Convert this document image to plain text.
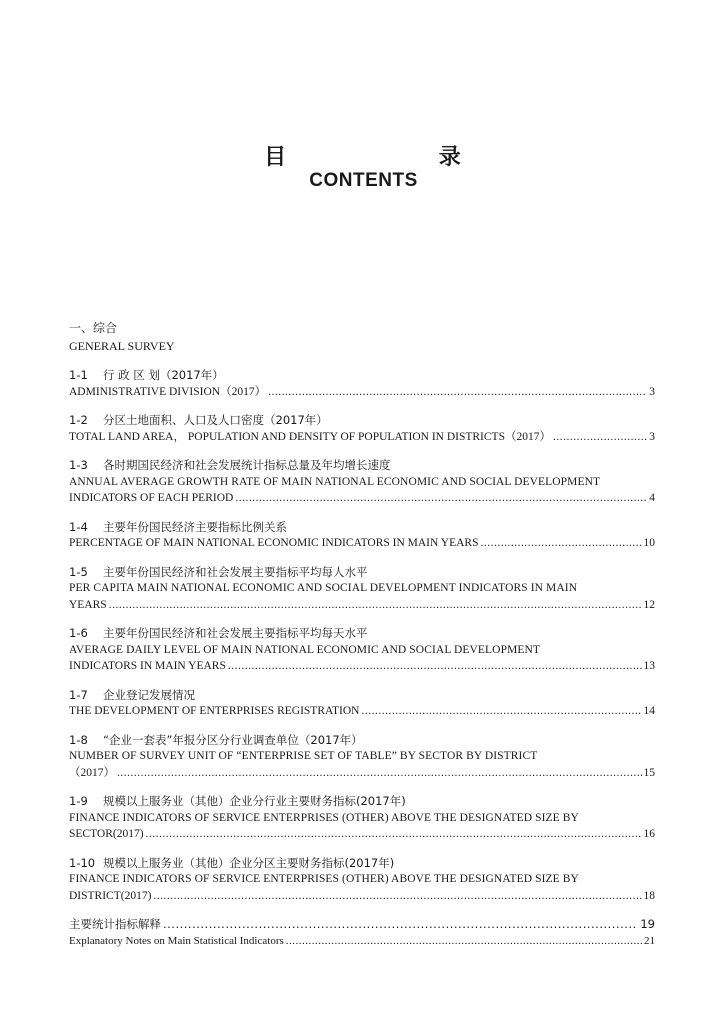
目    录
CONTENTS
一、综合
GENERAL SURVEY
1-1 行 政 区 划（2017年）
ADMINISTRATIVE DIVISION（2017） .....	3
1-2 分区土地面积、人口及人口密度（2017年）
TOTAL LAND AREA， POPULATION AND DENSITY OF POPULATION IN DISTRICTS（2017） .....	3
1-3 各时期国民经济和社会发展统计指标总量及年均增长速度
ANNUAL AVERAGE GROWTH RATE OF MAIN NATIONAL ECONOMIC AND SOCIAL DEVELOPMENT
INDICATORS OF EACH PERIOD .....	4
1-4 主要年份国民经济主要指标比例关系
PERCENTAGE OF MAIN NATIONAL ECONOMIC INDICATORS IN MAIN YEARS .....	10
1-5 主要年份国民经济和社会发展主要指标平均每人水平
PER CAPITA MAIN NATIONAL ECONOMIC AND SOCIAL DEVELOPMENT INDICATORS IN MAIN
YEARS .....	12
1-6 主要年份国民经济和社会发展主要指标平均每天水平
AVERAGE DAILY LEVEL OF MAIN NATIONAL ECONOMIC AND SOCIAL DEVELOPMENT
INDICATORS IN MAIN YEARS .....	13
1-7 企业登记发展情况
THE DEVELOPMENT OF ENTERPRISES REGISTRATION .....	14
1-8 “企业一套表”年报分区分行业调查单位（2017年）
NUMBER OF SURVEY UNIT OF “ENTERPRISE SET OF TABLE” BY SECTOR BY DISTRICT
（2017） .....	15
1-9 规模以上服务业（其他）企业分行业主要财务指标(2017年)
FINANCE INDICATORS OF SERVICE ENTERPRISES (OTHER) ABOVE THE DESIGNATED SIZE BY
SECTOR(2017) .....	16
1-10 规模以上服务业（其他）企业分区主要财务指标(2017年)
FINANCE INDICATORS OF SERVICE ENTERPRISES (OTHER) ABOVE THE DESIGNATED SIZE BY
DISTRICT(2017) .....	18
主要统计指标解释 .....	19
Explanatory Notes on Main Statistical Indicators .....	21
